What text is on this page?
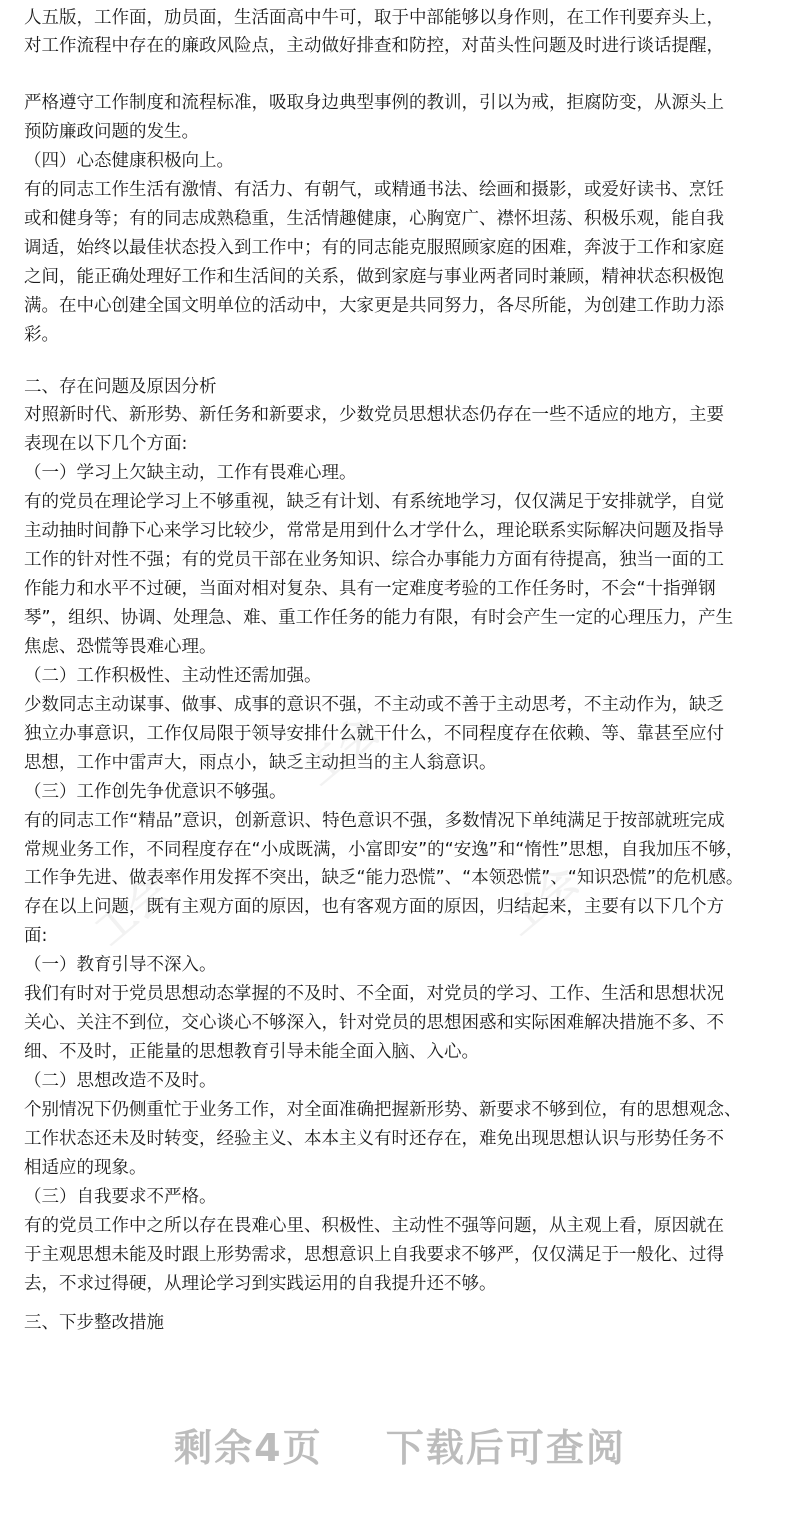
人五版，工作面，劢员面，生活面高中牛可，取于中部能够以身作则，在工作刊要弃头上，
对工作流程中存在的廉政风险点，主动做好排查和防控，对苗头性问题及时进行谈话提醒，
严格遵守工作制度和流程标准，吸取身边典型事例的教训，引以为戒，拒腐防变，从源头上
预防廉政问题的发生。
（四）心态健康积极向上。
有的同志工作生活有激情、有活力、有朝气，或精通书法、绘画和摄影，或爱好读书、烹饪
或和健身等；有的同志成熟稳重，生活情趣健康，心胸宽广、襟怀坦荡、积极乐观，能自我
调适，始终以最佳状态投入到工作中；有的同志能克服照顾家庭的困难，奔波于工作和家庭
之间，能正确处理好工作和生活间的关系，做到家庭与事业两者同时兼顾，精神状态积极饱
满。在中心创建全国文明单位的活动中，大家更是共同努力，各尽所能，为创建工作助力添
彩。
二、存在问题及原因分析
对照新时代、新形势、新任务和新要求，少数党员思想状态仍存在一些不适应的地方，主要
表现在以下几个方面:
（一）学习上欠缺主动，工作有畏难心理。
有的党员在理论学习上不够重视，缺乏有计划、有系统地学习，仅仅满足于安排就学，自觉
主动抽时间静下心来学习比较少，常常是用到什么才学什么，理论联系实际解决问题及指导
工作的针对性不强；有的党员干部在业务知识、综合办事能力方面有待提高，独当一面的工
作能力和水平不过硬，当面对相对复杂、具有一定难度考验的工作任务时，不会“十指弹钢
琴”，组织、协调、处理急、难、重工作任务的能力有限，有时会产生一定的心理压力，产生
焦虑、恐慌等畏难心理。
（二）工作积极性、主动性还需加强。
少数同志主动谋事、做事、成事的意识不强，不主动或不善于主动思考，不主动作为，缺乏
独立办事意识，工作仅局限于领导安排什么就干什么，不同程度存在依赖、等、靠甚至应付
思想，工作中雷声大，雨点小，缺乏主动担当的主人翁意识。
（三）工作创先争优意识不够强。
有的同志工作“精品”意识，创新意识、特色意识不强，多数情况下单纯满足于按部就班完成
常规业务工作，不同程度存在“小成既满，小富即安”的“安逸”和“惰性”思想，自我加压不够，
工作争先进、做表率作用发挥不突出，缺乏“能力恐慌”、“本领恐慌”、“知识恐慌”的危机感。
存在以上问题，既有主观方面的原因，也有客观方面的原因，归结起来，主要有以下几个方
面:
（一）教育引导不深入。
我们有时对于党员思想动态掌握的不及时、不全面，对党员的学习、工作、生活和思想状况
关心、关注不到位，交心谈心不够深入，针对党员的思想困惑和实际困难解决措施不多、不
细、不及时，正能量的思想教育引导未能全面入脑、入心。
（二）思想改造不及时。
个别情况下仍侧重忙于业务工作，对全面准确把握新形势、新要求不够到位，有的思想观念、
工作状态还未及时转变，经验主义、本本主义有时还存在，难免出现思想认识与形势任务不
相适应的现象。
（三）自我要求不严格。
有的党员工作中之所以存在畏难心里、积极性、主动性不强等问题，从主观上看，原因就在
于主观思想未能及时跟上形势需求，思想意识上自我要求不够严，仅仅满足于一般化、过得
去，不求过得硬，从理论学习到实践运用的自我提升还不够。
三、下步整改措施
工会
工会
工会
剩余4页 下载后可查阅
